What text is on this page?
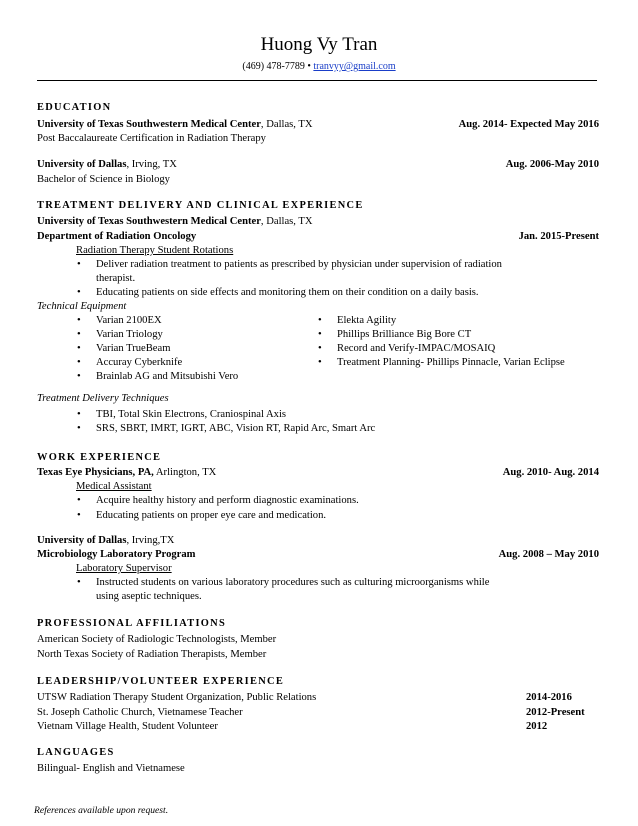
Huong Vy Tran
(469) 478-7789 • tranvyy@gmail.com
EDUCATION
University of Texas Southwestern Medical Center, Dallas, TX	Aug. 2014- Expected May 2016
Post Baccalaureate Certification in Radiation Therapy
University of Dallas, Irving, TX	Aug. 2006-May 2010
Bachelor of Science in Biology
TREATMENT DELIVERY AND CLINICAL EXPERIENCE
University of Texas Southwestern Medical Center, Dallas, TX
Department of Radiation Oncology	Jan. 2015-Present
Radiation Therapy Student Rotations
• Deliver radiation treatment to patients as prescribed by physician under supervision of radiation
therapist.
• Educating patients on side effects and monitoring them on their condition on a daily basis.
Technical Equipment
• Varian 2100EX
• Varian Triology
• Varian TrueBeam
• Accuray Cyberknife
• Brainlab AG and Mitsubishi Vero
• Elekta Agility
• Phillips Brilliance Big Bore CT
• Record and Verify-IMPAC/MOSAIQ
• Treatment Planning- Phillips Pinnacle, Varian Eclipse
Treatment Delivery Techniques
• TBI, Total Skin Electrons, Craniospinal Axis
• SRS, SBRT, IMRT, IGRT, ABC, Vision RT, Rapid Arc, Smart Arc
WORK EXPERIENCE
Texas Eye Physicians, PA, Arlington, TX	Aug. 2010- Aug. 2014
Medical Assistant
• Acquire healthy history and perform diagnostic examinations.
• Educating patients on proper eye care and medication.
University of Dallas, Irving,TX
Microbiology Laboratory Program	Aug. 2008 – May 2010
Laboratory Supervisor
• Instructed students on various laboratory procedures such as culturing microorganisms while
using aseptic techniques.
PROFESSIONAL AFFILIATIONS
American Society of Radiologic Technologists, Member
North Texas Society of Radiation Therapists, Member
LEADERSHIP/VOLUNTEER EXPERIENCE
UTSW Radiation Therapy Student Organization, Public Relations	2014-2016
St. Joseph Catholic Church, Vietnamese Teacher	2012-Present
Vietnam Village Health, Student Volunteer	2012
LANGUAGES
Bilingual- English and Vietnamese
References available upon request.
